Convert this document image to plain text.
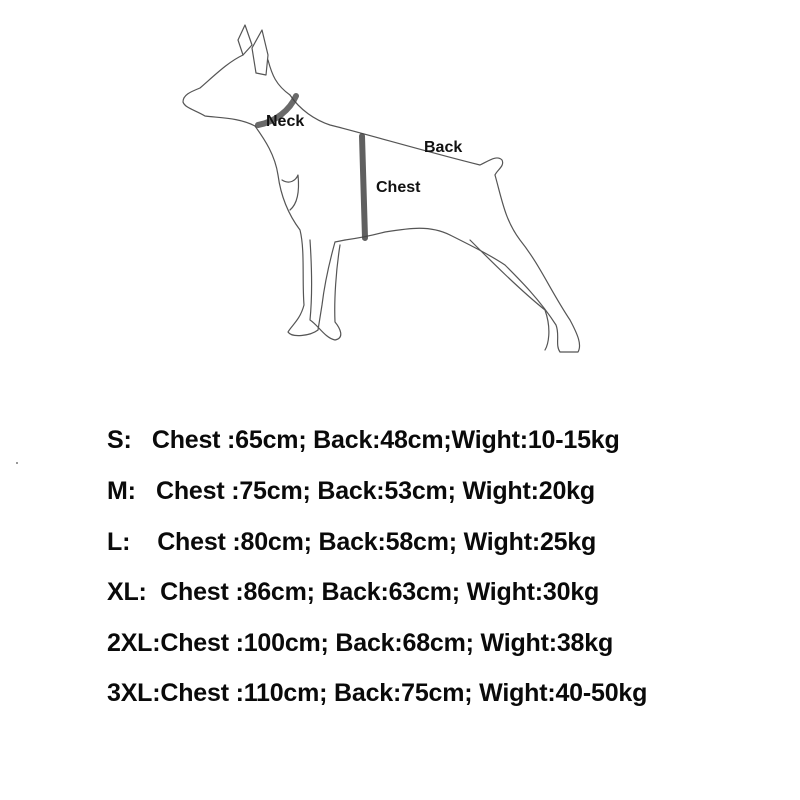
Neck
Back
Chest
S:   Chest :65cm; Back:48cm;Wight:10-15kg
M:   Chest :75cm; Back:53cm; Wight:20kg
L:    Chest :80cm; Back:58cm; Wight:25kg
XL:  Chest :86cm; Back:63cm; Wight:30kg
2XL:Chest :100cm; Back:68cm; Wight:38kg
3XL:Chest :110cm; Back:75cm; Wight:40-50kg
